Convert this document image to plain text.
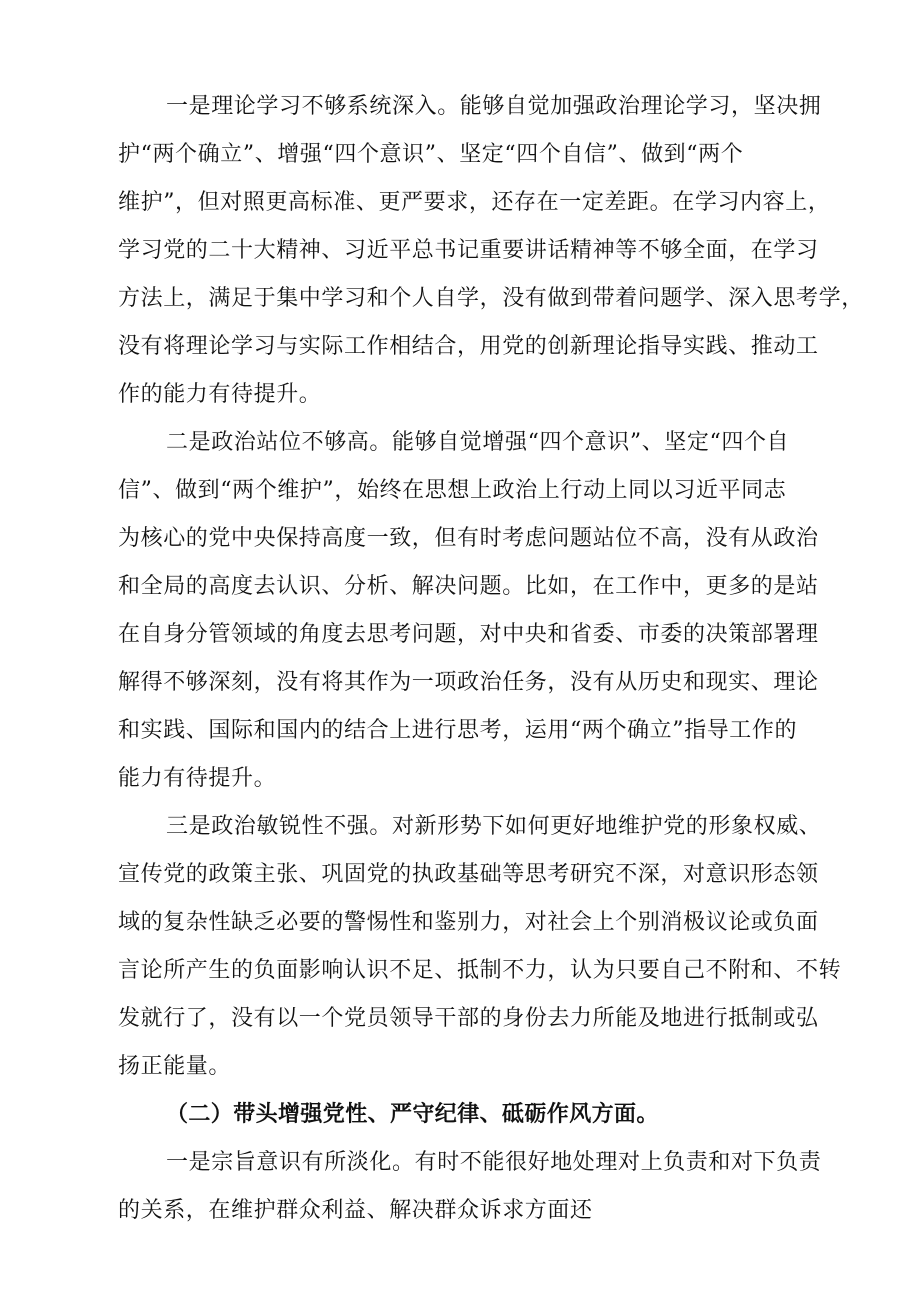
一是理论学习不够系统深入。能够自觉加强政治理论学习，坚决拥
护“两个确立”、增强“四个意识”、坚定“四个自信”、做到“两个
维护”，但对照更高标准、更严要求，还存在一定差距。在学习内容上，
学习党的二十大精神、习近平总书记重要讲话精神等不够全面，在学习
方法上，满足于集中学习和个人自学，没有做到带着问题学、深入思考学，
没有将理论学习与实际工作相结合，用党的创新理论指导实践、推动工
作的能力有待提升。
二是政治站位不够高。能够自觉增强“四个意识”、坚定“四个自
信”、做到“两个维护”，始终在思想上政治上行动上同以习近平同志
为核心的党中央保持高度一致，但有时考虑问题站位不高，没有从政治
和全局的高度去认识、分析、解决问题。比如，在工作中，更多的是站
在自身分管领域的角度去思考问题，对中央和省委、市委的决策部署理
解得不够深刻，没有将其作为一项政治任务，没有从历史和现实、理论
和实践、国际和国内的结合上进行思考，运用“两个确立”指导工作的
能力有待提升。
三是政治敏锐性不强。对新形势下如何更好地维护党的形象权威、
宣传党的政策主张、巩固党的执政基础等思考研究不深，对意识形态领
域的复杂性缺乏必要的警惕性和鉴别力，对社会上个别消极议论或负面
言论所产生的负面影响认识不足、抵制不力，认为只要自己不附和、不转
发就行了，没有以一个党员领导干部的身份去力所能及地进行抵制或弘
扬正能量。
（二）带头增强党性、严守纪律、砥砺作风方面。
一是宗旨意识有所淡化。有时不能很好地处理对上负责和对下负责
的关系，在维护群众利益、解决群众诉求方面还
